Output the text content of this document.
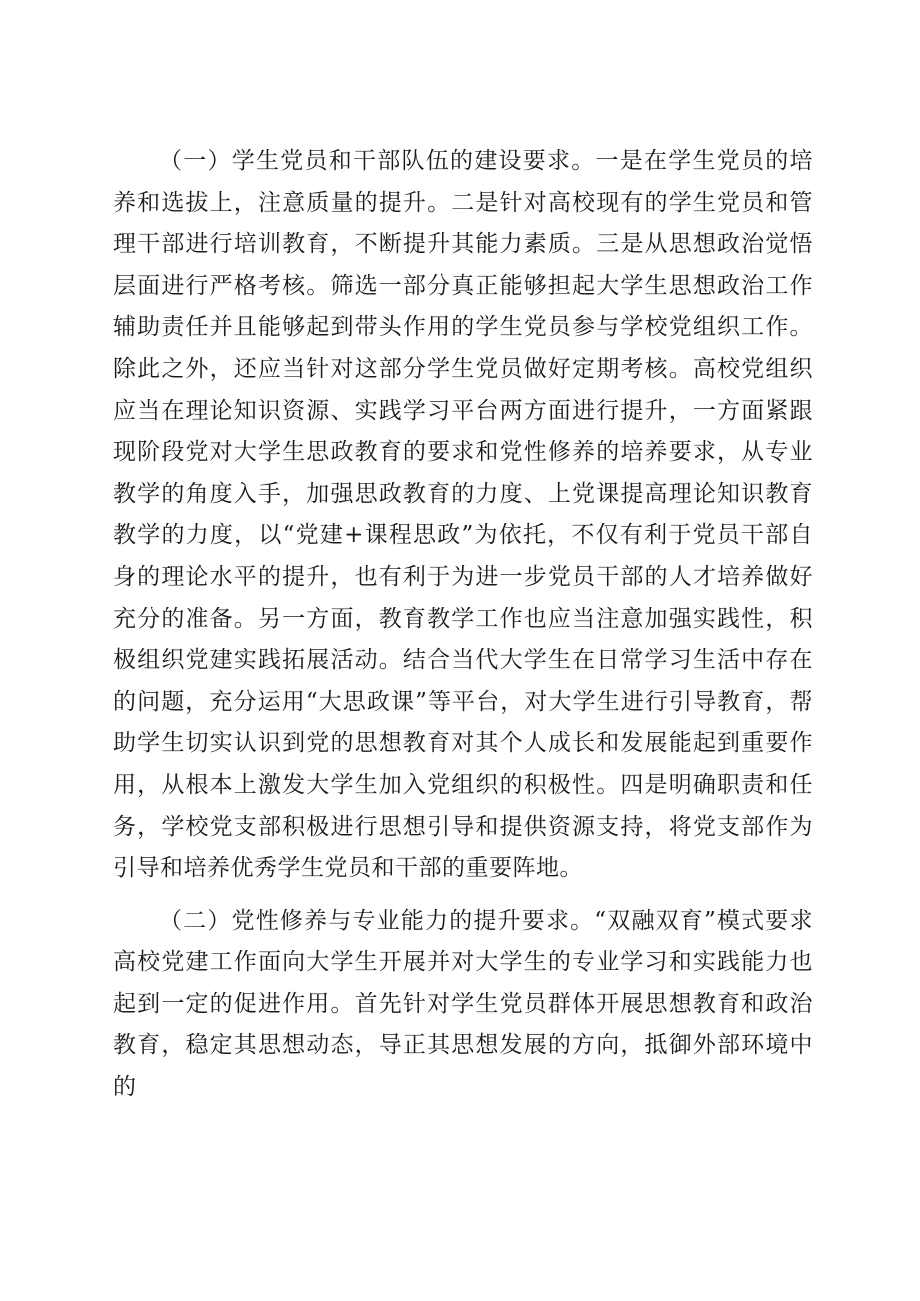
（一）学生党员和干部队伍的建设要求。一是在学生党员的培养和选拔上，注意质量的提升。二是针对高校现有的学生党员和管理干部进行培训教育，不断提升其能力素质。三是从思想政治觉悟层面进行严格考核。筛选一部分真正能够担起大学生思想政治工作辅助责任并且能够起到带头作用的学生党员参与学校党组织工作。除此之外，还应当针对这部分学生党员做好定期考核。高校党组织应当在理论知识资源、实践学习平台两方面进行提升，一方面紧跟现阶段党对大学生思政教育的要求和党性修养的培养要求，从专业教学的角度入手，加强思政教育的力度、上党课提高理论知识教育教学的力度，以“党建+课程思政”为依托，不仅有利于党员干部自身的理论水平的提升，也有利于为进一步党员干部的人才培养做好充分的准备。另一方面，教育教学工作也应当注意加强实践性，积极组织党建实践拓展活动。结合当代大学生在日常学习生活中存在的问题，充分运用“大思政课”等平台，对大学生进行引导教育，帮助学生切实认识到党的思想教育对其个人成长和发展能起到重要作用，从根本上激发大学生加入党组织的积极性。四是明确职责和任务，学校党支部积极进行思想引导和提供资源支持，将党支部作为引导和培养优秀学生党员和干部的重要阵地。

（二）党性修养与专业能力的提升要求。“双融双育”模式要求高校党建工作面向大学生开展并对大学生的专业学习和实践能力也起到一定的促进作用。首先针对学生党员群体开展思想教育和政治教育，稳定其思想动态，导正其思想发展的方向，抵御外部环境中的
